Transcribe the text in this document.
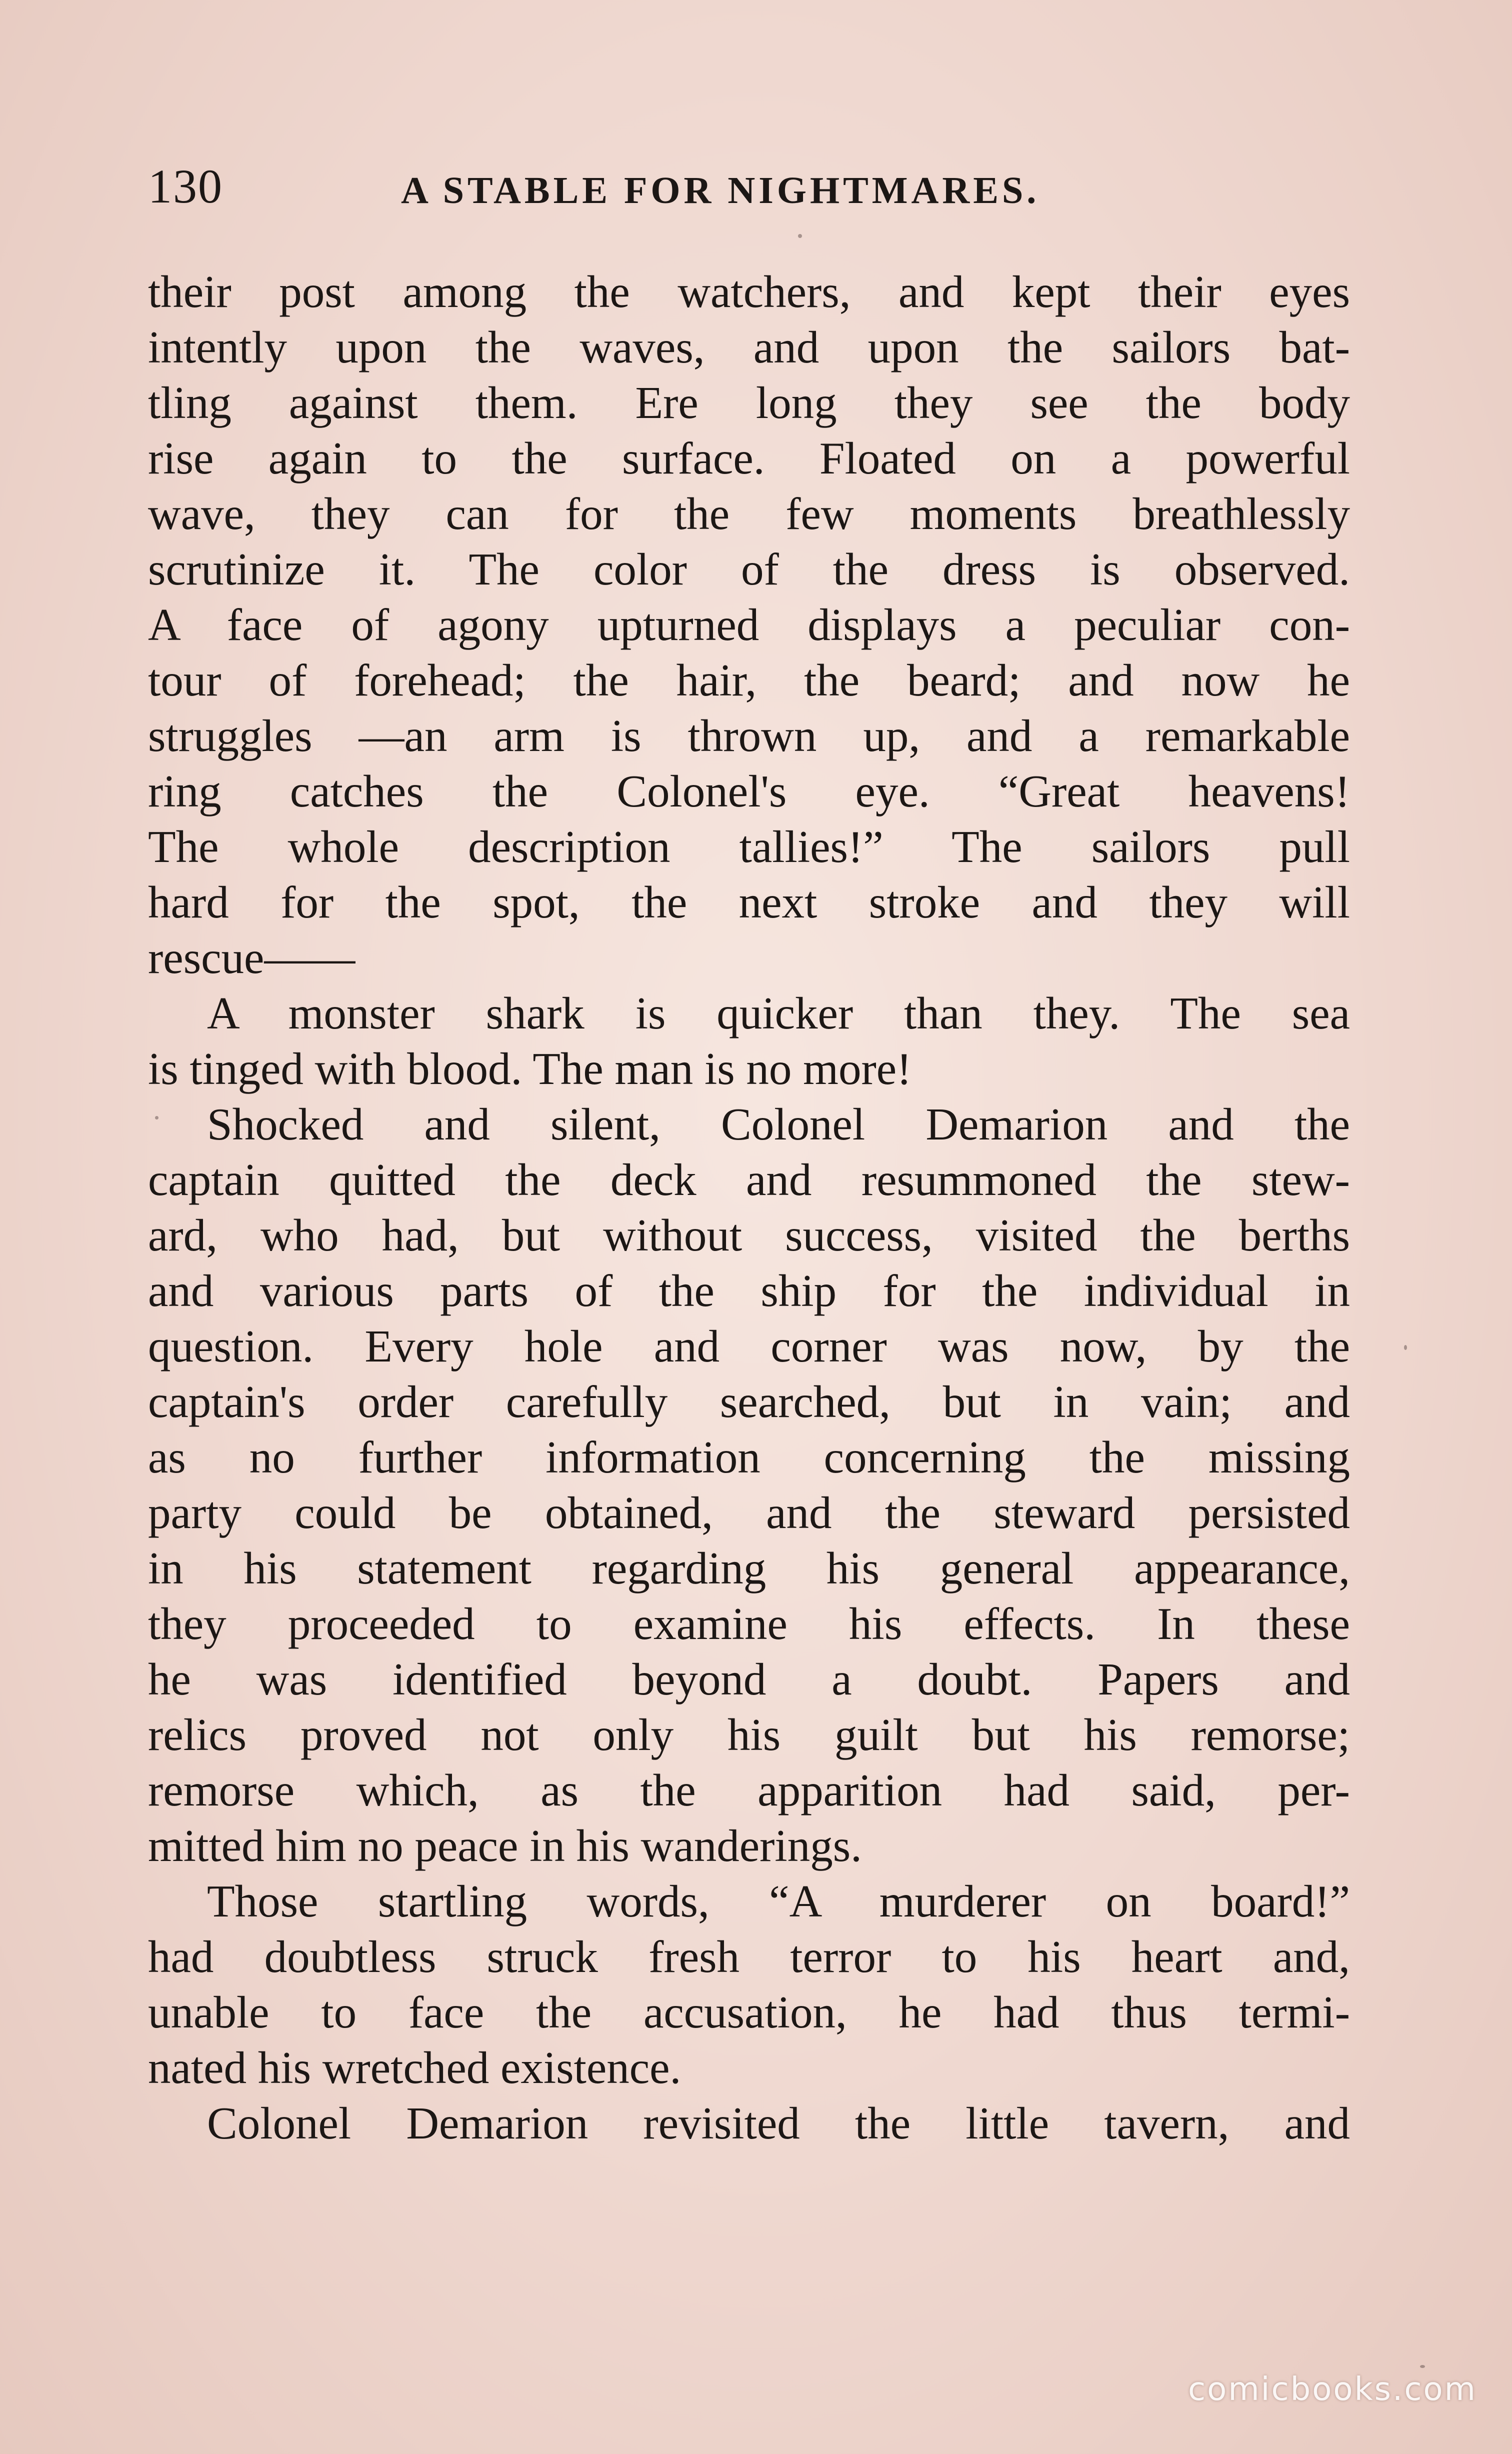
130	A STABLE FOR NIGHTMARES.
their post among the watchers, and kept their eyes
intently upon the waves, and upon the sailors bat-
tling against them. Ere long they see the body
rise again to the surface. Floated on a powerful
wave, they can for the few moments breathlessly
scrutinize it. The color of the dress is observed.
A face of agony upturned displays a peculiar con-
tour of forehead; the hair, the beard; and now he
struggles —an arm is thrown up, and a remarkable
ring catches the Colonel's eye. “Great heavens!
The whole description tallies!” The sailors pull
hard for the spot, the next stroke and they will
rescue——
A monster shark is quicker than they. The sea
is tinged with blood. The man is no more!
Shocked and silent, Colonel Demarion and the
captain quitted the deck and resummoned the stew-
ard, who had, but without success, visited the berths
and various parts of the ship for the individual in
question. Every hole and corner was now, by the
captain's order carefully searched, but in vain; and
as no further information concerning the missing
party could be obtained, and the steward persisted
in his statement regarding his general appearance,
they proceeded to examine his effects. In these
he was identified beyond a doubt. Papers and
relics proved not only his guilt but his remorse;
remorse which, as the apparition had said, per-
mitted him no peace in his wanderings.
Those startling words, “A murderer on board!”
had doubtless struck fresh terror to his heart and,
unable to face the accusation, he had thus termi-
nated his wretched existence.
Colonel Demarion revisited the little tavern, and
comicbooks.com
